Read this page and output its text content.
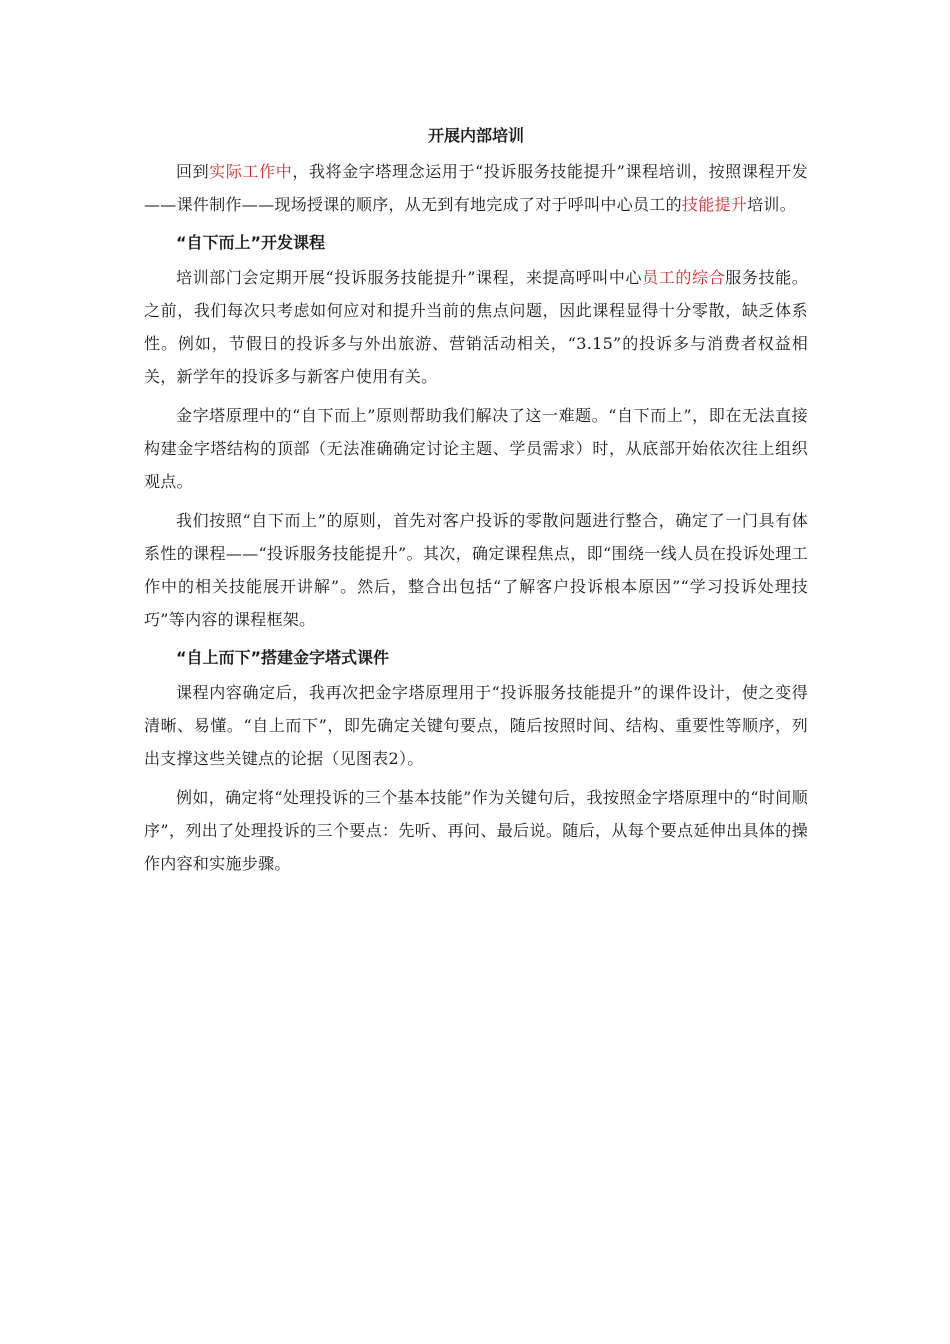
开展内部培训

回到实际工作中，我将金字塔理念运用于“投诉服务技能提升”课程培训，按照课程开发——课件制作——现场授课的顺序，从无到有地完成了对于呼叫中心员工的技能提升培训。

“自下而上”开发课程

培训部门会定期开展“投诉服务技能提升”课程，来提高呼叫中心员工的综合服务技能。之前，我们每次只考虑如何应对和提升当前的焦点问题，因此课程显得十分零散，缺乏体系性。例如，节假日的投诉多与外出旅游、营销活动相关，“3.15”的投诉多与消费者权益相关，新学年的投诉多与新客户使用有关。

金字塔原理中的“自下而上”原则帮助我们解决了这一难题。“自下而上”，即在无法直接构建金字塔结构的顶部（无法准确确定讨论主题、学员需求）时，从底部开始依次往上组织观点。

我们按照“自下而上”的原则，首先对客户投诉的零散问题进行整合，确定了一门具有体系性的课程——“投诉服务技能提升”。其次，确定课程焦点，即“围绕一线人员在投诉处理工作中的相关技能展开讲解”。然后，整合出包括“了解客户投诉根本原因”“学习投诉处理技巧”等内容的课程框架。

“自上而下”搭建金字塔式课件

课程内容确定后，我再次把金字塔原理用于“投诉服务技能提升”的课件设计，使之变得清晰、易懂。“自上而下”，即先确定关键句要点，随后按照时间、结构、重要性等顺序，列出支撑这些关键点的论据（见图表2）。

例如，确定将“处理投诉的三个基本技能”作为关键句后，我按照金字塔原理中的“时间顺序”，列出了处理投诉的三个要点：先听、再问、最后说。随后，从每个要点延伸出具体的操作内容和实施步骤。
